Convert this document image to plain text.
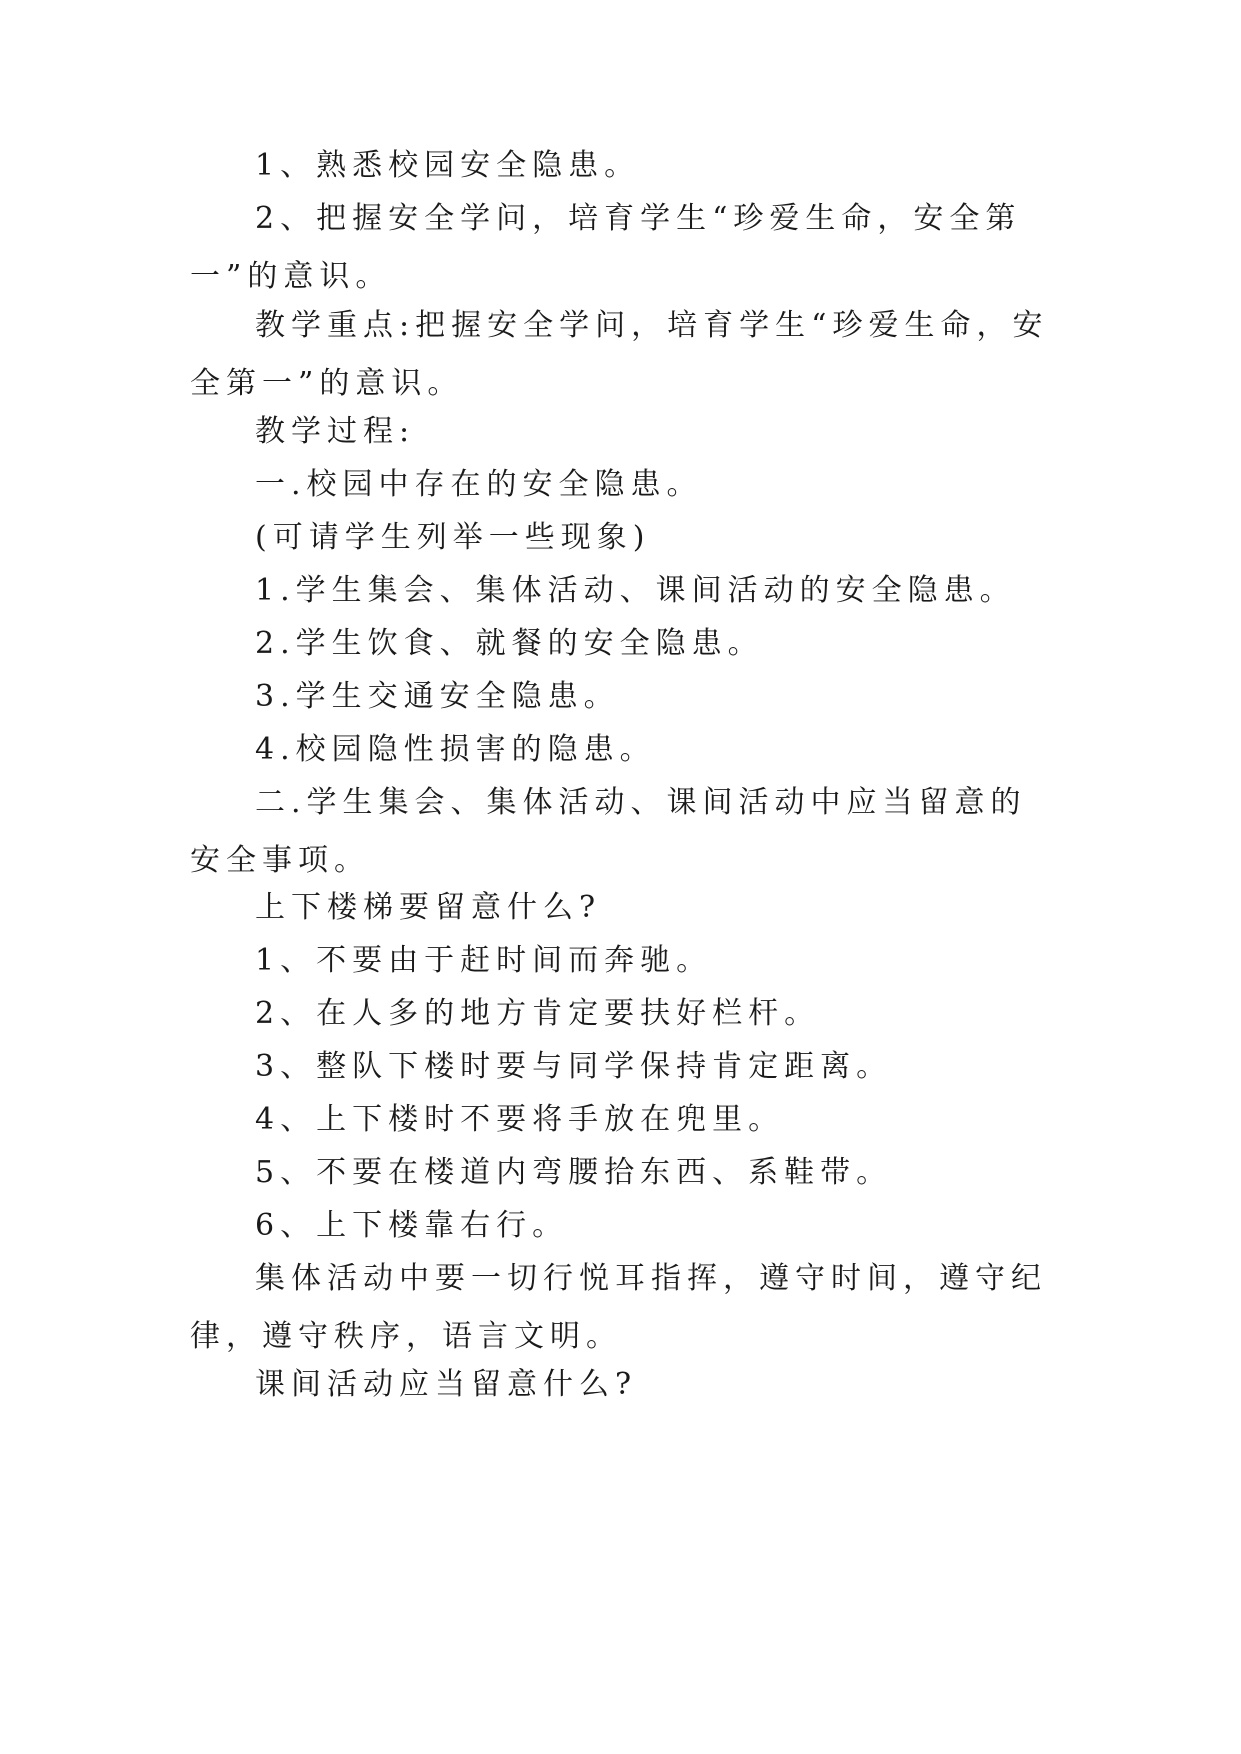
1、熟悉校园安全隐患。

2、把握安全学问，培育学生“珍爱生命，安全第一”的意识。

教学重点:把握安全学问，培育学生“珍爱生命，安全第一”的意识。

教学过程:

一.校园中存在的安全隐患。

(可请学生列举一些现象)

1.学生集会、集体活动、课间活动的安全隐患。

2.学生饮食、就餐的安全隐患。

3.学生交通安全隐患。

4.校园隐性损害的隐患。

二.学生集会、集体活动、课间活动中应当留意的安全事项。

上下楼梯要留意什么?

1、不要由于赶时间而奔驰。

2、在人多的地方肯定要扶好栏杆。

3、整队下楼时要与同学保持肯定距离。

4、上下楼时不要将手放在兜里。

5、不要在楼道内弯腰拾东西、系鞋带。

6、上下楼靠右行。

集体活动中要一切行悦耳指挥，遵守时间，遵守纪律，遵守秩序，语言文明。

课间活动应当留意什么?
